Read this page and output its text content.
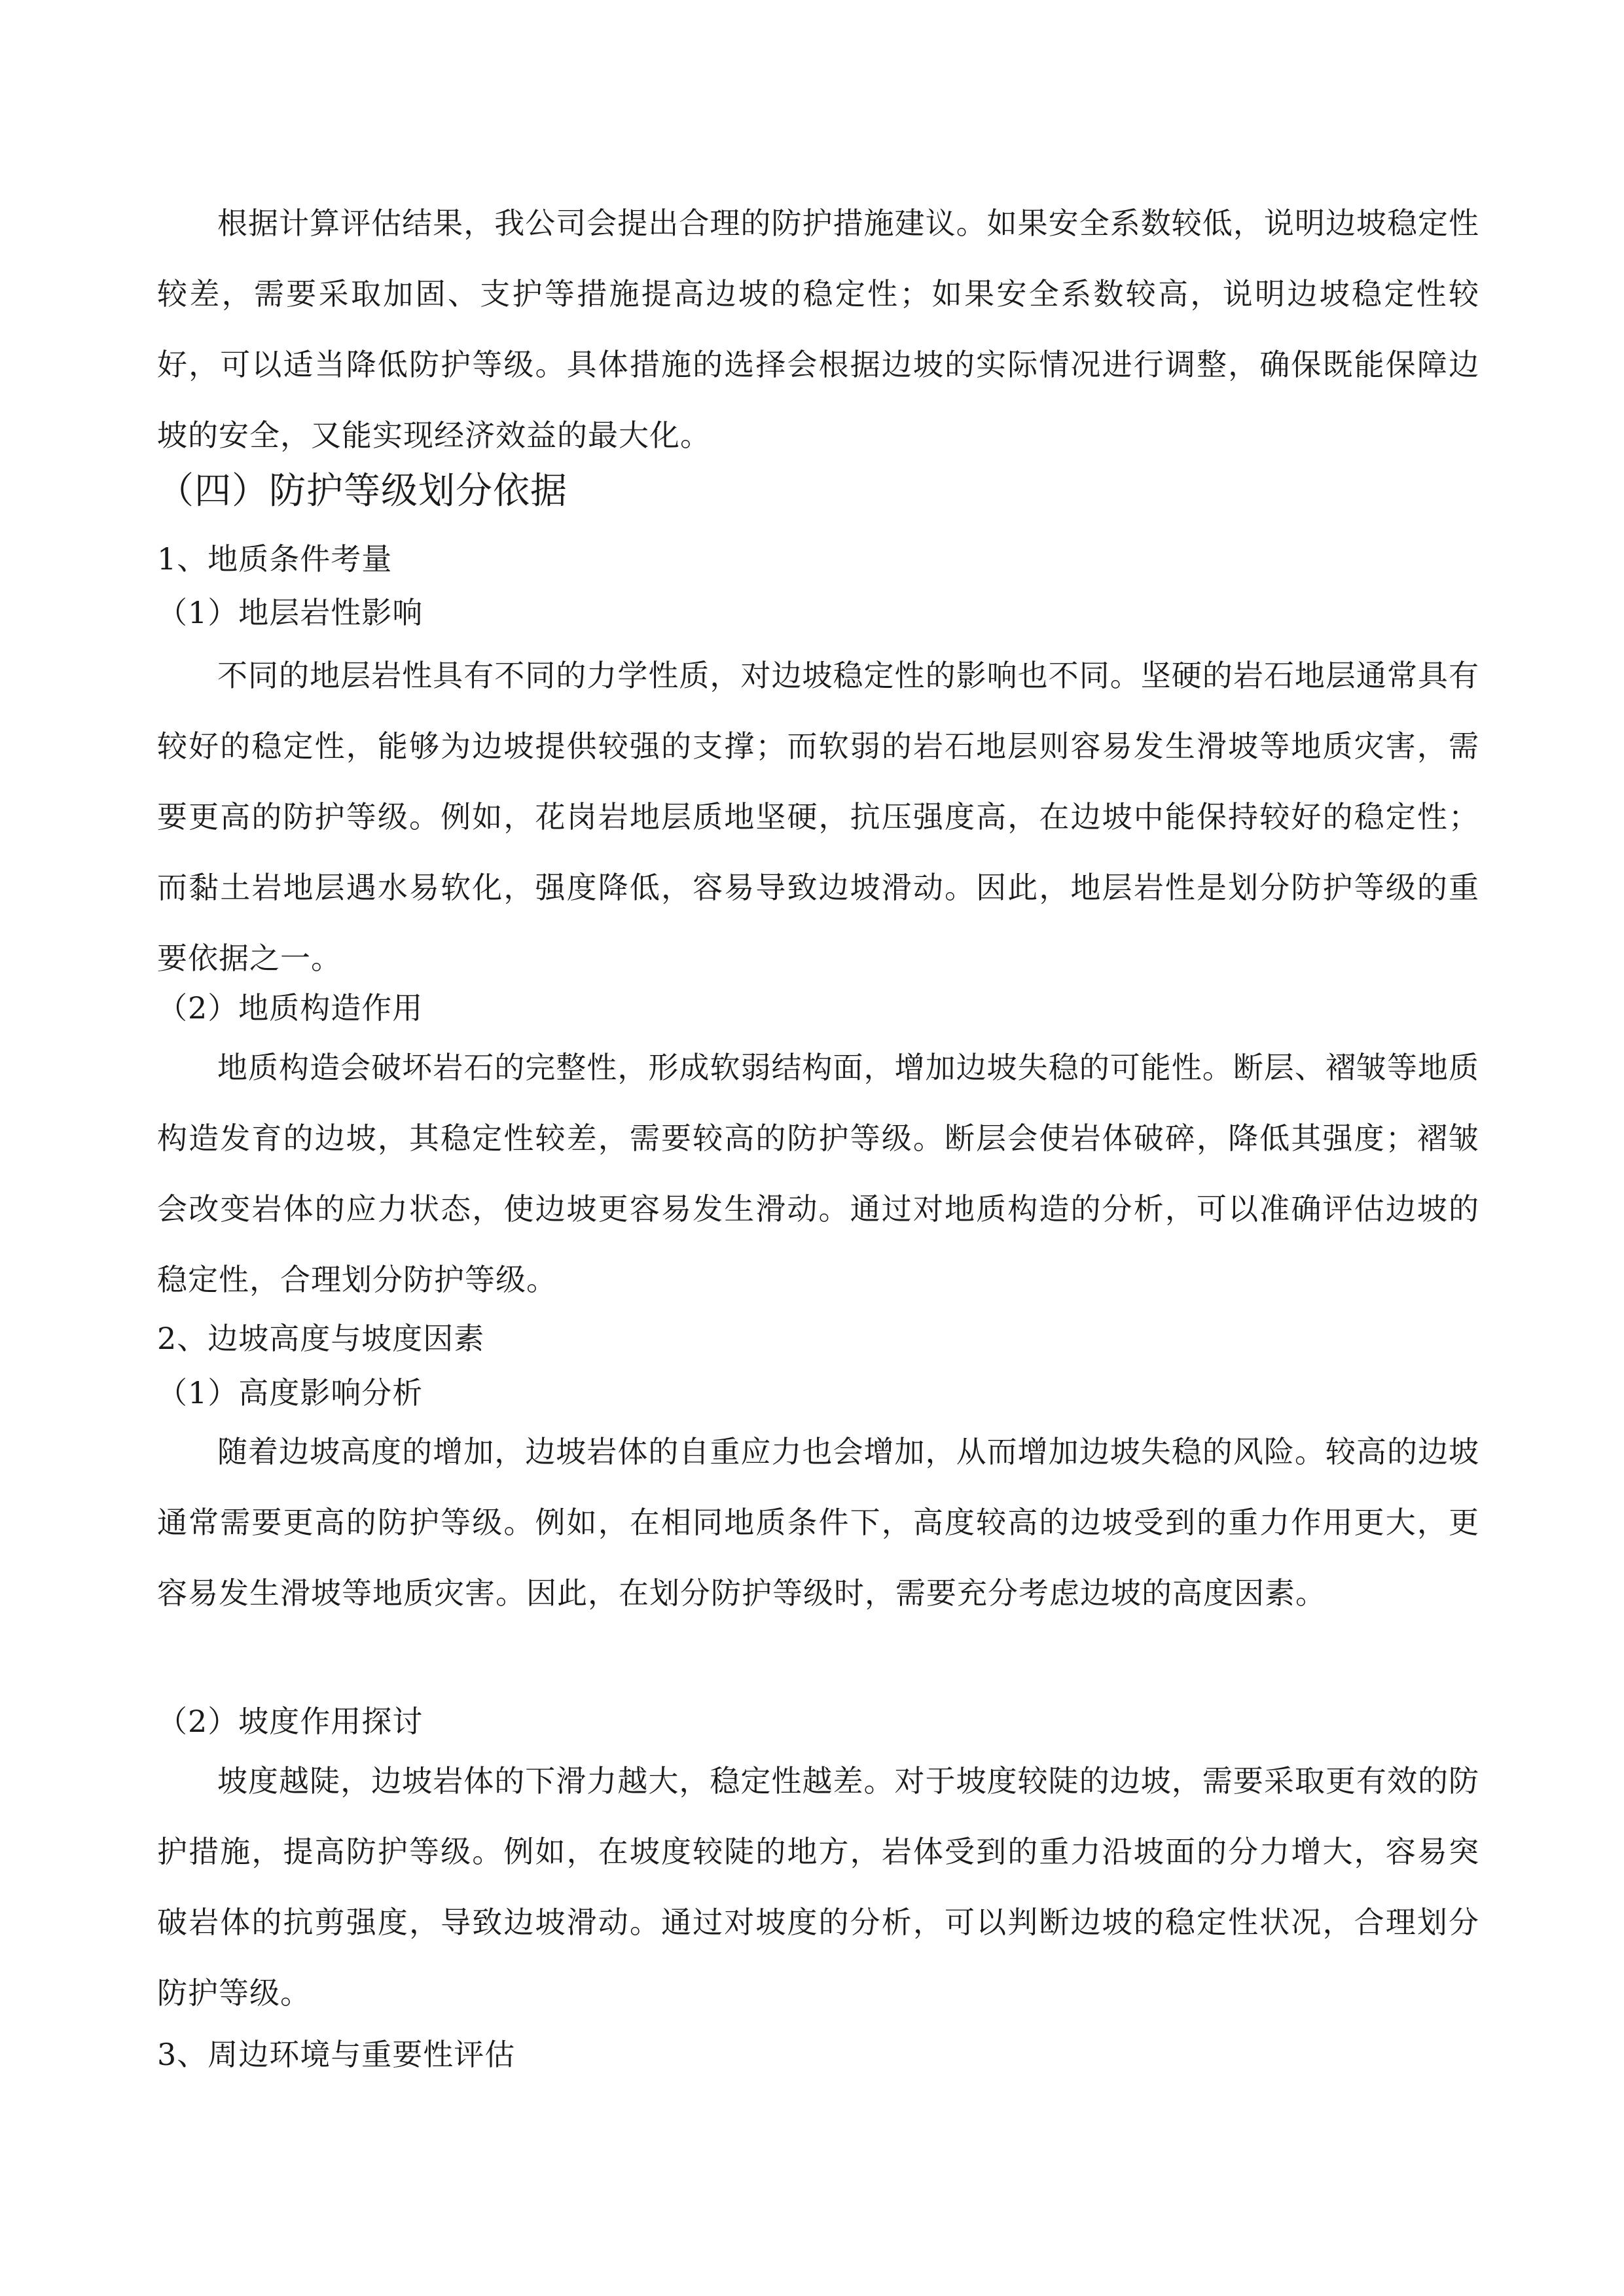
根据计算评估结果，我公司会提出合理的防护措施建议。如果安全系数较低，说明边坡稳定性较差，需要采取加固、支护等措施提高边坡的稳定性；如果安全系数较高，说明边坡稳定性较好，可以适当降低防护等级。具体措施的选择会根据边坡的实际情况进行调整，确保既能保障边坡的安全，又能实现经济效益的最大化。

（四）防护等级划分依据
1、地质条件考量
（1）地层岩性影响

不同的地层岩性具有不同的力学性质，对边坡稳定性的影响也不同。坚硬的岩石地层通常具有较好的稳定性，能够为边坡提供较强的支撑；而软弱的岩石地层则容易发生滑坡等地质灾害，需要更高的防护等级。例如，花岗岩地层质地坚硬，抗压强度高，在边坡中能保持较好的稳定性；而黏土岩地层遇水易软化，强度降低，容易导致边坡滑动。因此，地层岩性是划分防护等级的重要依据之一。

（2）地质构造作用

地质构造会破坏岩石的完整性，形成软弱结构面，增加边坡失稳的可能性。断层、褶皱等地质构造发育的边坡，其稳定性较差，需要较高的防护等级。断层会使岩体破碎，降低其强度；褶皱会改变岩体的应力状态，使边坡更容易发生滑动。通过对地质构造的分析，可以准确评估边坡的稳定性，合理划分防护等级。

2、边坡高度与坡度因素
（1）高度影响分析

随着边坡高度的增加，边坡岩体的自重应力也会增加，从而增加边坡失稳的风险。较高的边坡通常需要更高的防护等级。例如，在相同地质条件下，高度较高的边坡受到的重力作用更大，更容易发生滑坡等地质灾害。因此，在划分防护等级时，需要充分考虑边坡的高度因素。

（2）坡度作用探讨

坡度越陡，边坡岩体的下滑力越大，稳定性越差。对于坡度较陡的边坡，需要采取更有效的防护措施，提高防护等级。例如，在坡度较陡的地方，岩体受到的重力沿坡面的分力增大，容易突破岩体的抗剪强度，导致边坡滑动。通过对坡度的分析，可以判断边坡的稳定性状况，合理划分防护等级。

3、周边环境与重要性评估
